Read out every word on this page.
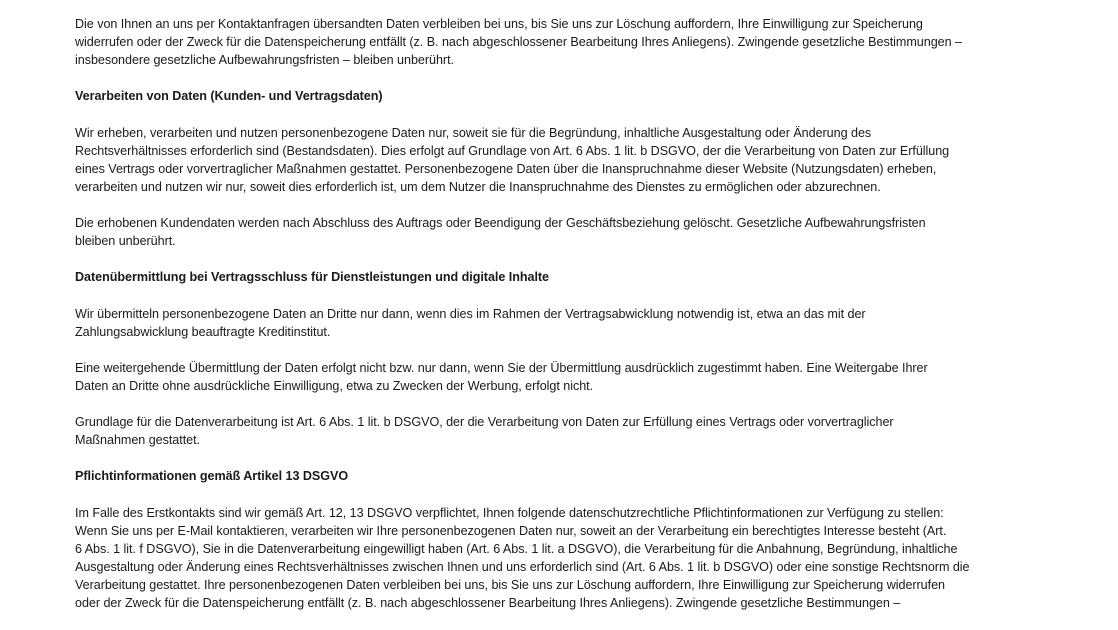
Die von Ihnen an uns per Kontaktanfragen übersandten Daten verbleiben bei uns, bis Sie uns zur Löschung auffordern, Ihre Einwilligung zur Speicherung
widerrufen oder der Zweck für die Datenspeicherung entfällt (z. B. nach abgeschlossener Bearbeitung Ihres Anliegens). Zwingende gesetzliche Bestimmungen –
insbesondere gesetzliche Aufbewahrungsfristen – bleiben unberührt.

Verarbeiten von Daten (Kunden- und Vertragsdaten)

Wir erheben, verarbeiten und nutzen personenbezogene Daten nur, soweit sie für die Begründung, inhaltliche Ausgestaltung oder Änderung des
Rechtsverhältnisses erforderlich sind (Bestandsdaten). Dies erfolgt auf Grundlage von Art. 6 Abs. 1 lit. b DSGVO, der die Verarbeitung von Daten zur Erfüllung
eines Vertrags oder vorvertraglicher Maßnahmen gestattet. Personenbezogene Daten über die Inanspruchnahme dieser Website (Nutzungsdaten) erheben,
verarbeiten und nutzen wir nur, soweit dies erforderlich ist, um dem Nutzer die Inanspruchnahme des Dienstes zu ermöglichen oder abzurechnen.

Die erhobenen Kundendaten werden nach Abschluss des Auftrags oder Beendigung der Geschäftsbeziehung gelöscht. Gesetzliche Aufbewahrungsfristen
bleiben unberührt.

Datenübermittlung bei Vertragsschluss für Dienstleistungen und digitale Inhalte

Wir übermitteln personenbezogene Daten an Dritte nur dann, wenn dies im Rahmen der Vertragsabwicklung notwendig ist, etwa an das mit der
Zahlungsabwicklung beauftragte Kreditinstitut.

Eine weitergehende Übermittlung der Daten erfolgt nicht bzw. nur dann, wenn Sie der Übermittlung ausdrücklich zugestimmt haben. Eine Weitergabe Ihrer
Daten an Dritte ohne ausdrückliche Einwilligung, etwa zu Zwecken der Werbung, erfolgt nicht.

Grundlage für die Datenverarbeitung ist Art. 6 Abs. 1 lit. b DSGVO, der die Verarbeitung von Daten zur Erfüllung eines Vertrags oder vorvertraglicher
Maßnahmen gestattet.

Pflichtinformationen gemäß Artikel 13 DSGVO

Im Falle des Erstkontakts sind wir gemäß Art. 12, 13 DSGVO verpflichtet, Ihnen folgende datenschutzrechtliche Pflichtinformationen zur Verfügung zu stellen:
Wenn Sie uns per E-Mail kontaktieren, verarbeiten wir Ihre personenbezogenen Daten nur, soweit an der Verarbeitung ein berechtigtes Interesse besteht (Art.
6 Abs. 1 lit. f DSGVO), Sie in die Datenverarbeitung eingewilligt haben (Art. 6 Abs. 1 lit. a DSGVO), die Verarbeitung für die Anbahnung, Begründung, inhaltliche
Ausgestaltung oder Änderung eines Rechtsverhältnisses zwischen Ihnen und uns erforderlich sind (Art. 6 Abs. 1 lit. b DSGVO) oder eine sonstige Rechtsnorm die
Verarbeitung gestattet. Ihre personenbezogenen Daten verbleiben bei uns, bis Sie uns zur Löschung auffordern, Ihre Einwilligung zur Speicherung widerrufen
oder der Zweck für die Datenspeicherung entfällt (z. B. nach abgeschlossener Bearbeitung Ihres Anliegens). Zwingende gesetzliche Bestimmungen –
